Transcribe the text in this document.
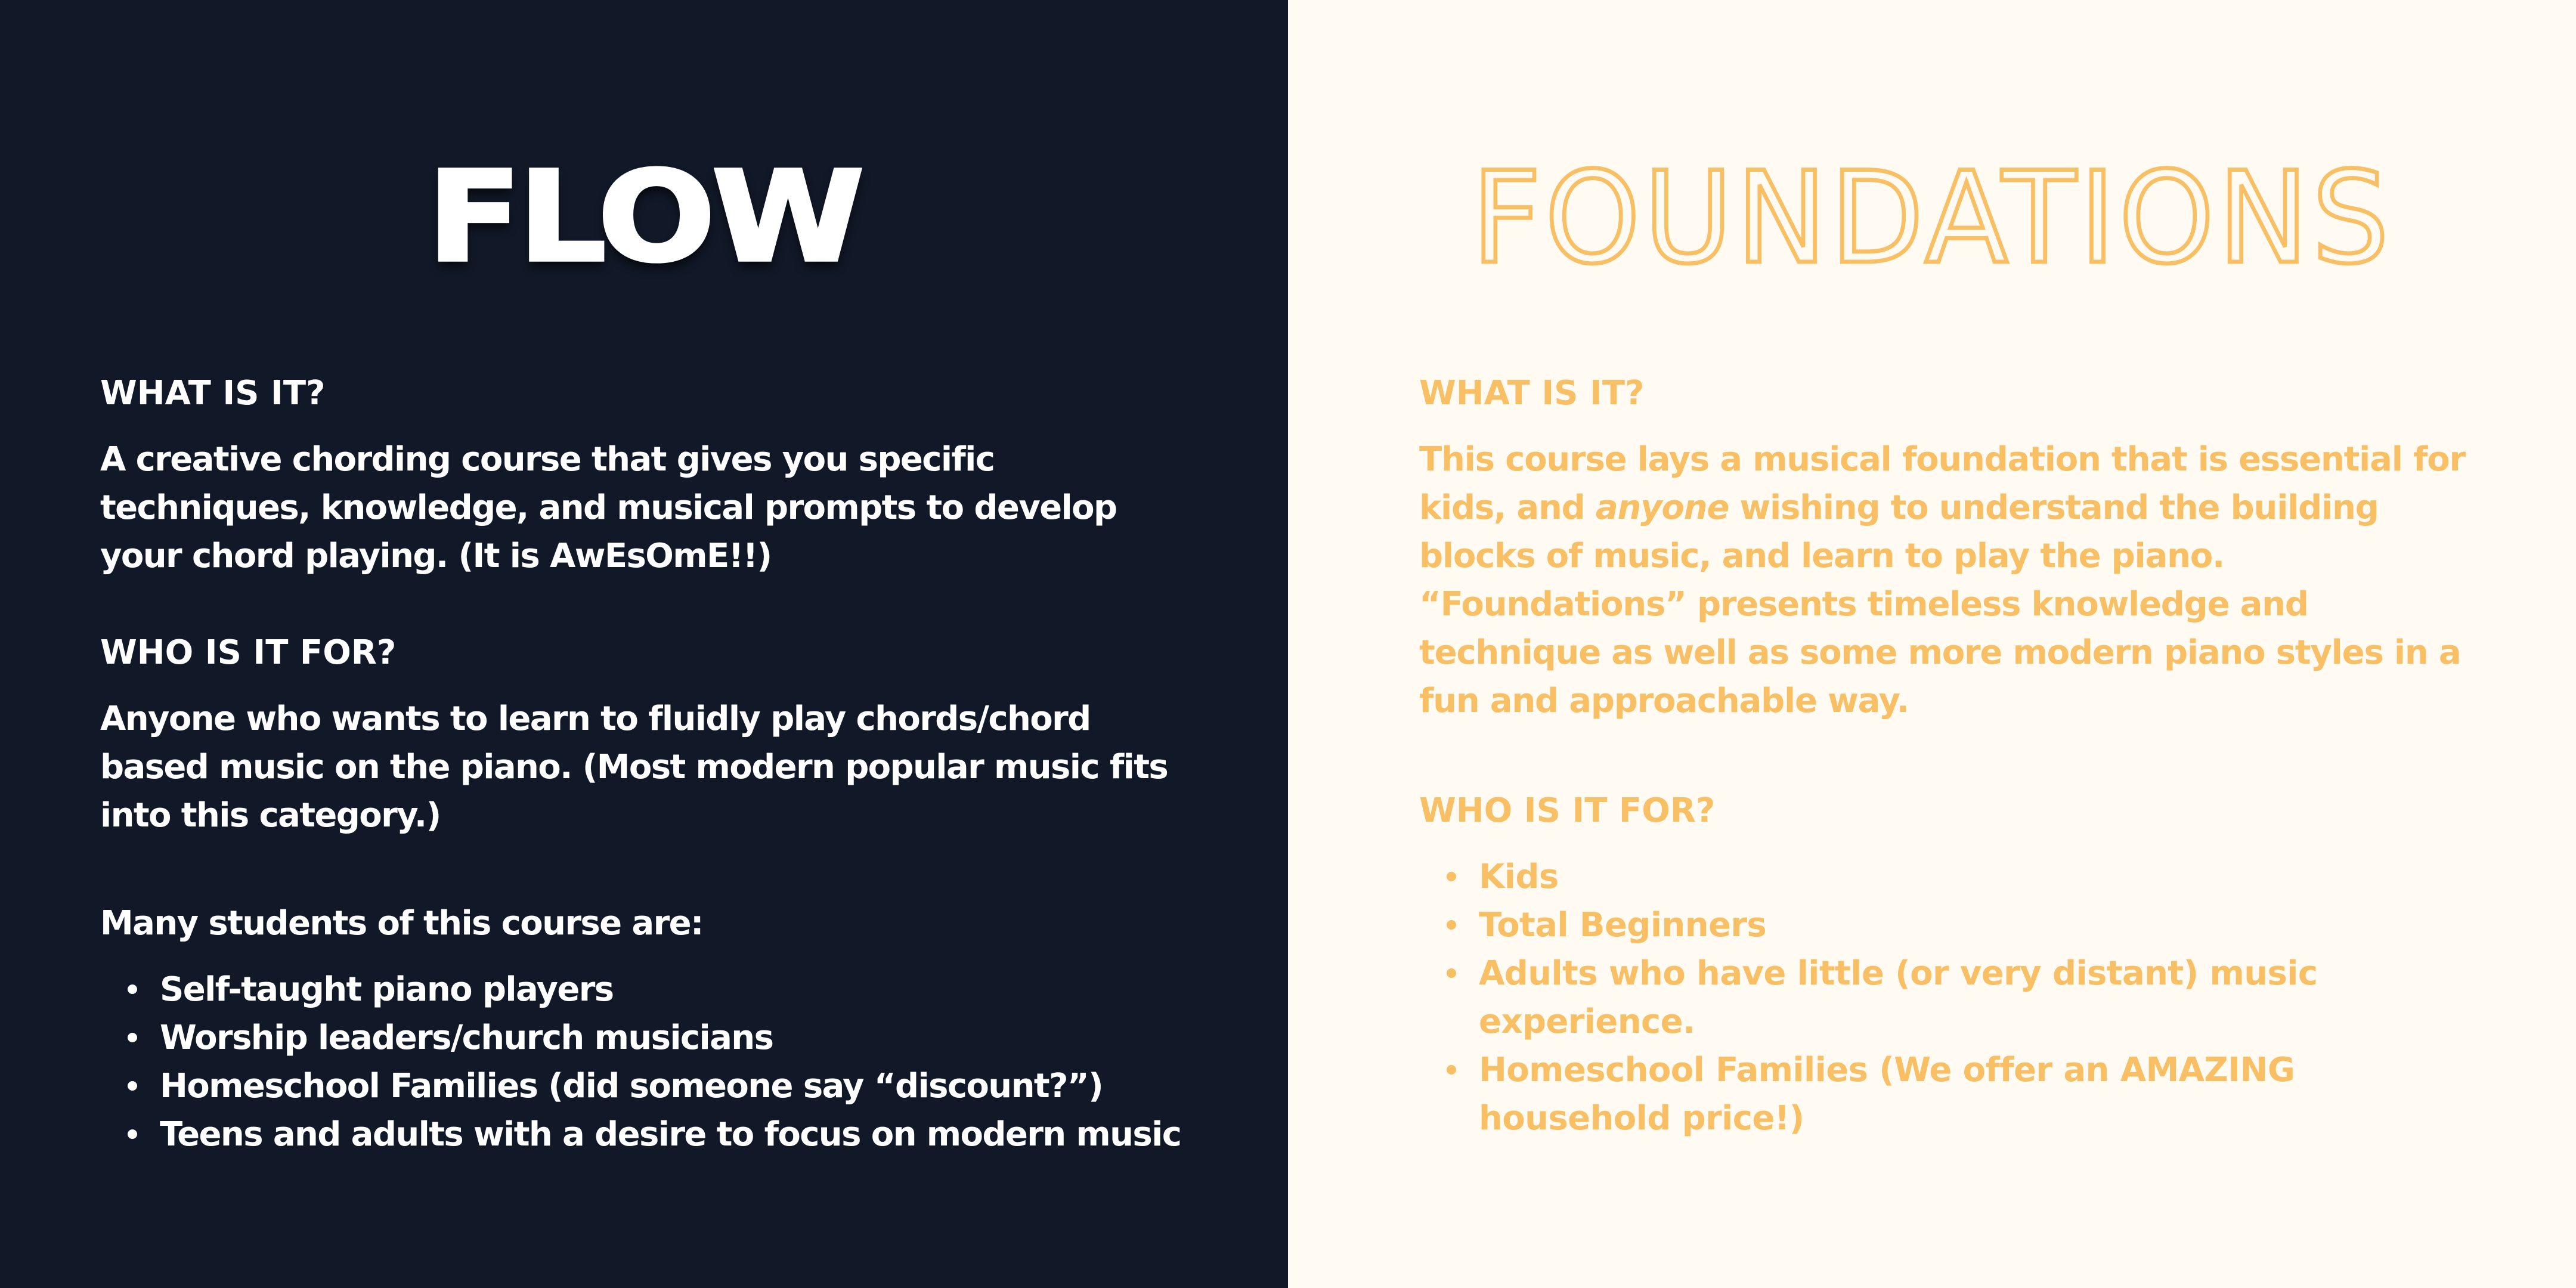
FLOW
WHAT IS IT?

A creative chording course that gives you specific techniques, knowledge, and musical prompts to develop your chord playing. (It is AwEsOmE!!)

WHO IS IT FOR?

Anyone who wants to learn to fluidly play chords/chord based music on the piano. (Most modern popular music fits into this category.)

Many students of this course are:

Self-taught piano players
Worship leaders/church musicians
Homeschool Families (did someone say “discount?”)
Teens and adults with a desire to focus on modern music
FOUNDATIONS
WHAT IS IT?

This course lays a musical foundation that is essential for kids, and anyone wishing to understand the building blocks of music, and learn to play the piano. “Foundations” presents timeless knowledge and technique as well as some more modern piano styles in a fun and approachable way.

WHO IS IT FOR?
Kids
Total Beginners
Adults who have little (or very distant) music experience.
Homeschool Families (We offer an AMAZING household price!)
